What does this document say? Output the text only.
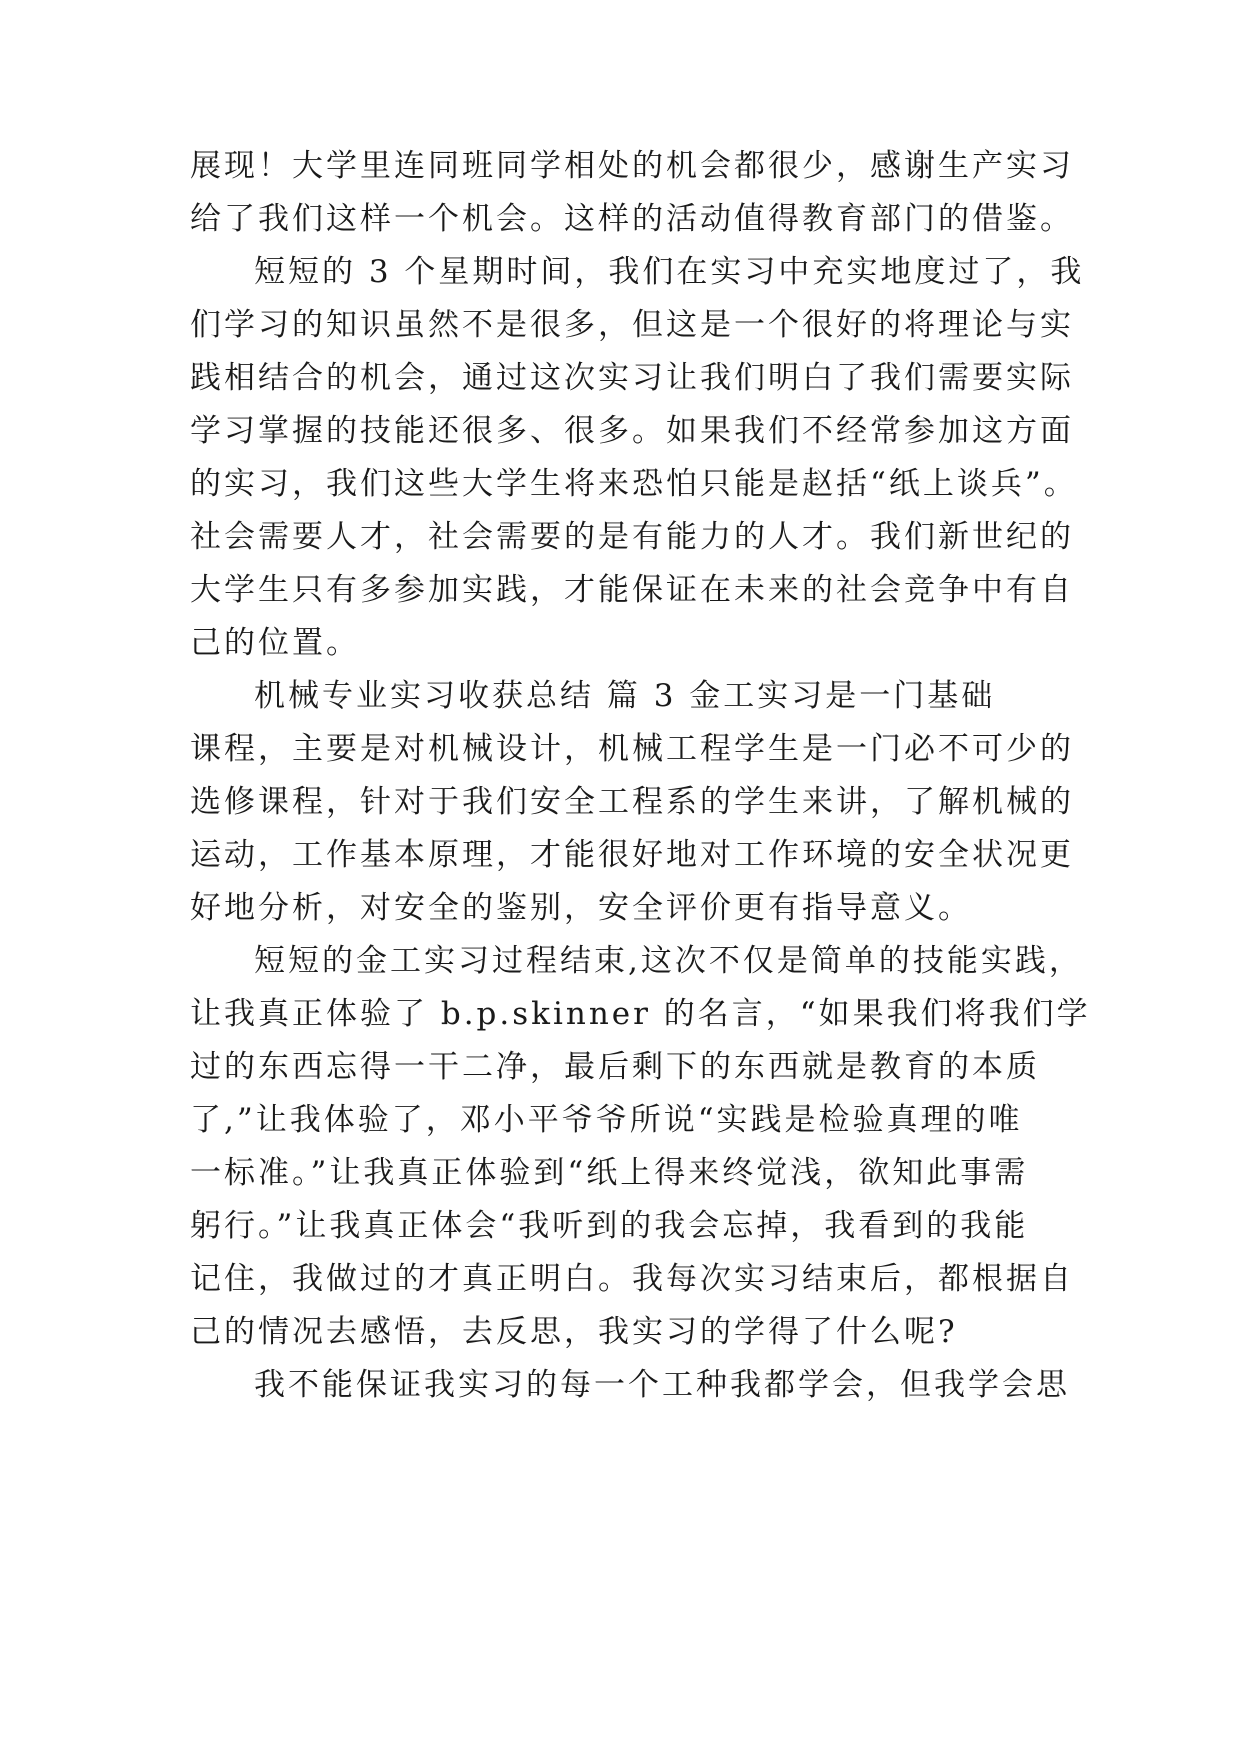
展现！大学里连同班同学相处的机会都很少，感谢生产实习
给了我们这样一个机会。这样的活动值得教育部门的借鉴。
短短的 3 个星期时间，我们在实习中充实地度过了，我
们学习的知识虽然不是很多，但这是一个很好的将理论与实
践相结合的机会，通过这次实习让我们明白了我们需要实际
学习掌握的技能还很多、很多。如果我们不经常参加这方面
的实习，我们这些大学生将来恐怕只能是赵括“纸上谈兵”。
社会需要人才，社会需要的是有能力的人才。我们新世纪的
大学生只有多参加实践，才能保证在未来的社会竞争中有自
己的位置。
机械专业实习收获总结 篇 3 金工实习是一门基础
课程，主要是对机械设计，机械工程学生是一门必不可少的
选修课程，针对于我们安全工程系的学生来讲，了解机械的
运动，工作基本原理，才能很好地对工作环境的安全状况更
好地分析，对安全的鉴别，安全评价更有指导意义。
短短的金工实习过程结束,这次不仅是简单的技能实践，
让我真正体验了 b.p.skinner 的名言，“如果我们将我们学
过的东西忘得一干二净，最后剩下的东西就是教育的本质
了,”让我体验了，邓小平爷爷所说“实践是检验真理的唯
一标准。”让我真正体验到“纸上得来终觉浅，欲知此事需
躬行。”让我真正体会“我听到的我会忘掉，我看到的我能
记住，我做过的才真正明白。我每次实习结束后，都根据自
己的情况去感悟，去反思，我实习的学得了什么呢?
我不能保证我实习的每一个工种我都学会，但我学会思
